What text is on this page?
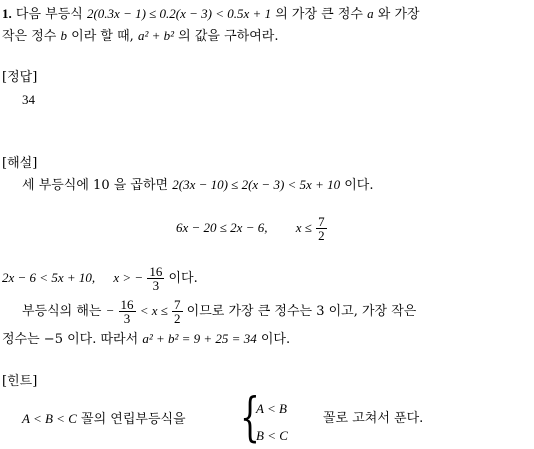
1. 다음 부등식 2(0.3x − 1) ≤ 0.2(x − 3) < 0.5x + 1 의 가장 큰 정수 a 와 가장
작은 정수 b 이라 할 때, a² + b² 의 값을 구하여라.
[정답]
34
[해설]
세 부등식에 10 을 곱하면 2(3x − 10) ≤ 2(x − 3) < 5x + 10 이다.
6x − 20 ≤ 2x − 6, $x \le \frac{7}{2}$
2x − 6 < 5x + 10, x > − $\frac{16}{3}$ 이다.
부등식의 해는 − $\frac{16}{3} < x \le \frac{7}{2}$ 이므로 가장 큰 정수는 3 이고, 가장 작은
정수는 −5 이다. 따라서 a² + b² = 9 + 25 = 34 이다.
[힌트]
A < B < C 꼴의 연립부등식을 {
A < B
B < C
꼴로 고쳐서 푼다.
